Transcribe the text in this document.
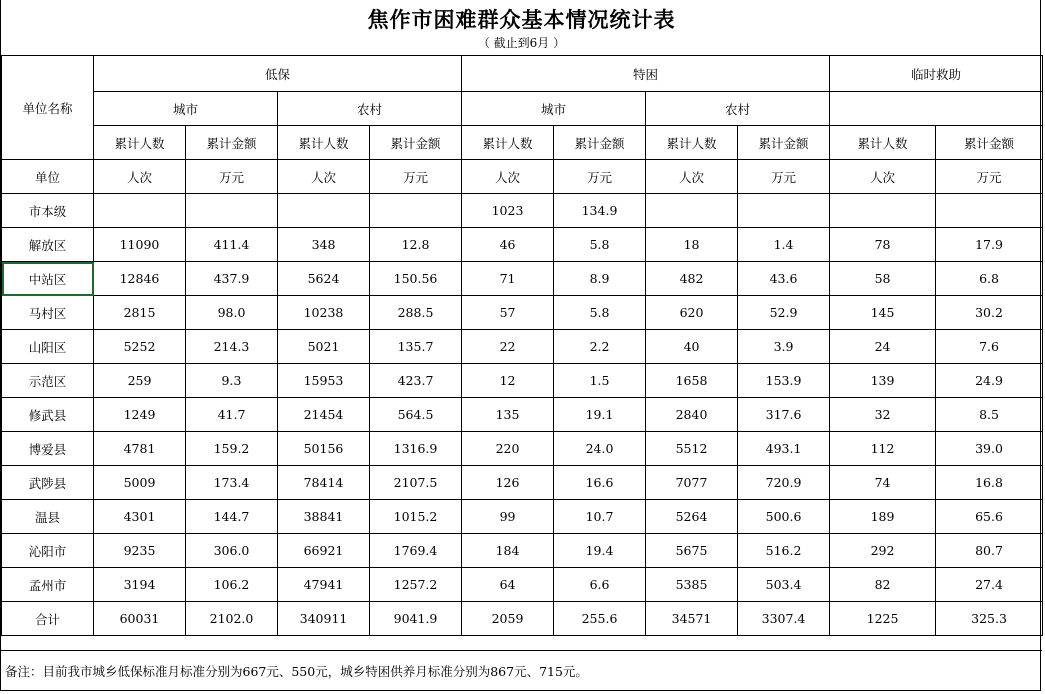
焦作市困难群众基本情况统计表
（ 截止到6月 ）
单位名称	低保				特困				临时救助	
	城市		农村		城市		农村			
	累计人数	累计金额	累计人数	累计金额	累计人数	累计金额	累计人数	累计金额	累计人数	累计金额
单位	人次	万元	人次	万元	人次	万元	人次	万元	人次	万元
市本级					1023	134.9				
解放区	11090	411.4	348	12.8	46	5.8	18	1.4	78	17.9
中站区	12846	437.9	5624	150.56	71	8.9	482	43.6	58	6.8
马村区	2815	98.0	10238	288.5	57	5.8	620	52.9	145	30.2
山阳区	5252	214.3	5021	135.7	22	2.2	40	3.9	24	7.6
示范区	259	9.3	15953	423.7	12	1.5	1658	153.9	139	24.9
修武县	1249	41.7	21454	564.5	135	19.1	2840	317.6	32	8.5
博爱县	4781	159.2	50156	1316.9	220	24.0	5512	493.1	112	39.0
武陟县	5009	173.4	78414	2107.5	126	16.6	7077	720.9	74	16.8
温县	4301	144.7	38841	1015.2	99	10.7	5264	500.6	189	65.6
沁阳市	9235	306.0	66921	1769.4	184	19.4	5675	516.2	292	80.7
孟州市	3194	106.2	47941	1257.2	64	6.6	5385	503.4	82	27.4
合计	60031	2102.0	340911	9041.9	2059	255.6	34571	3307.4	1225	325.3
备注：目前我市城乡低保标准月标准分别为667元、550元，城乡特困供养月标准分别为867元、715元。
